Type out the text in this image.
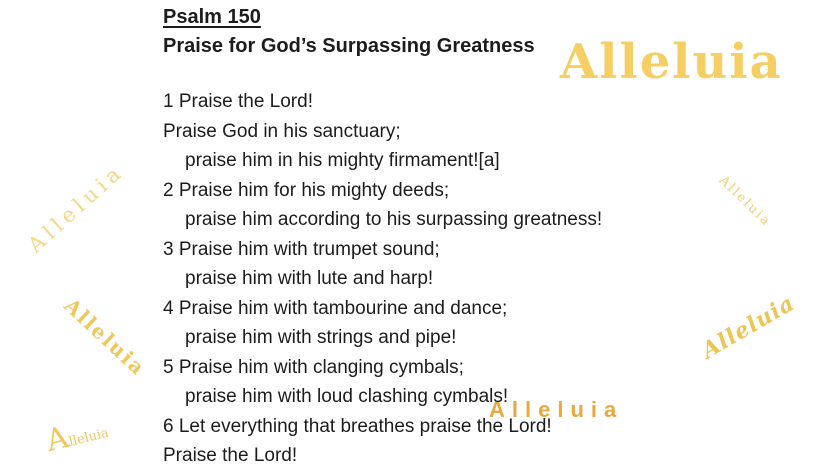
Alleluia
Alleluia
Alleluia
Alleluia
Alleluia
Alleluia
Alleluia
Psalm 150
Praise for God’s Surpassing Greatness
1 Praise the Lord!
Praise God in his sanctuary;
praise him in his mighty firmament![a]
2 Praise him for his mighty deeds;
praise him according to his surpassing greatness!
3 Praise him with trumpet sound;
praise him with lute and harp!
4 Praise him with tambourine and dance;
praise him with strings and pipe!
5 Praise him with clanging cymbals;
praise him with loud clashing cymbals!
6 Let everything that breathes praise the Lord!
Praise the Lord!
